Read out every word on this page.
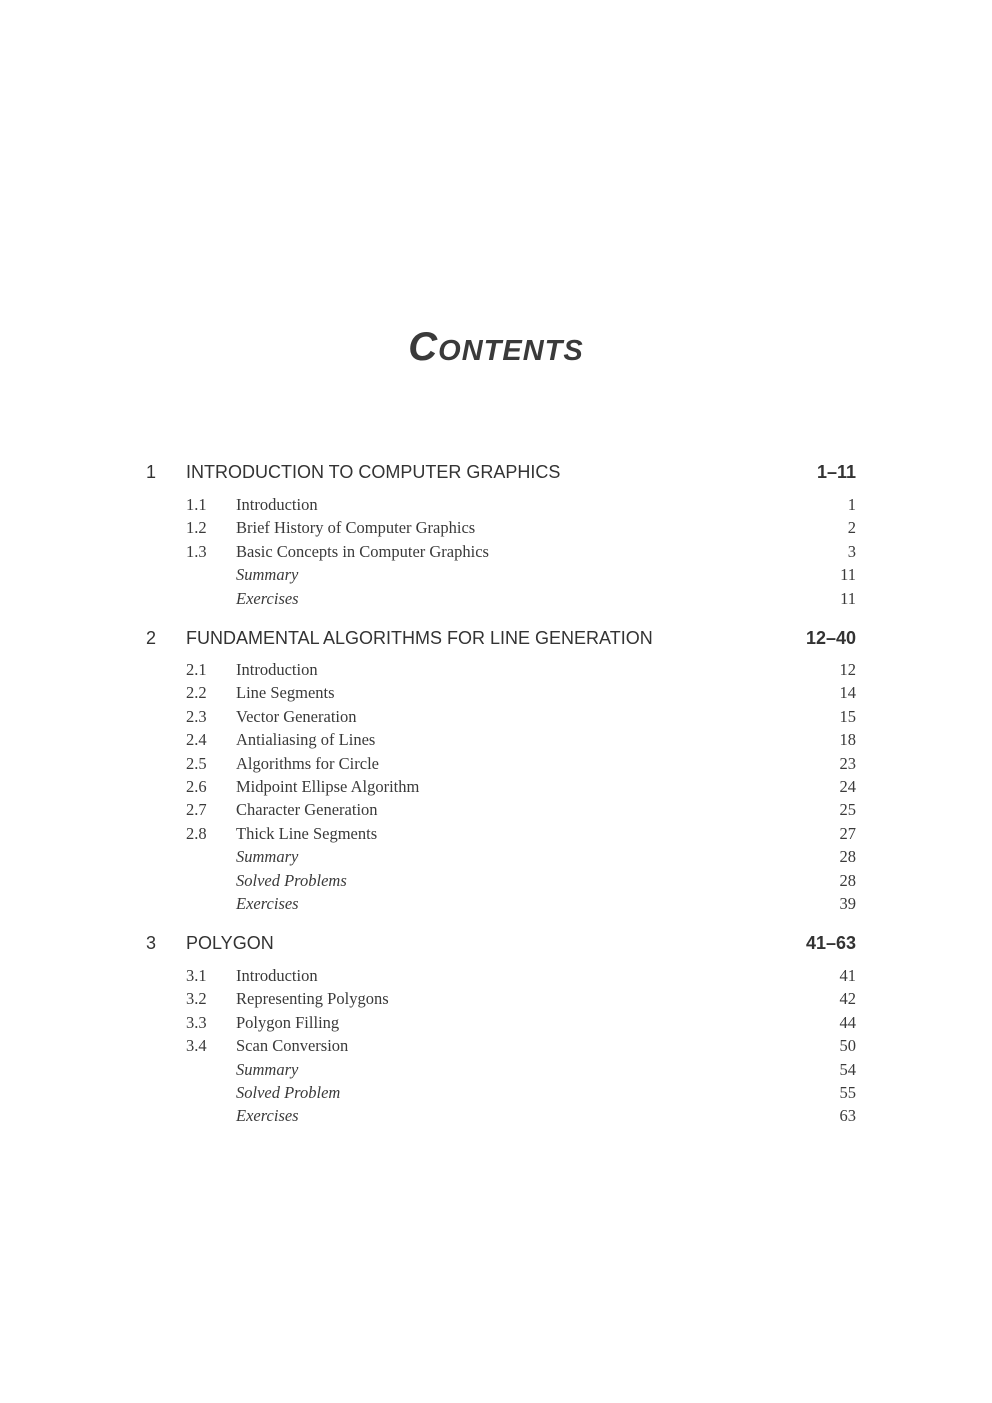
CONTENTS
1 INTRODUCTION TO COMPUTER GRAPHICS	1–11
1.1 Introduction	1
1.2 Brief History of Computer Graphics	2
1.3 Basic Concepts in Computer Graphics	3
Summary	11
Exercises	11
2 FUNDAMENTAL ALGORITHMS FOR LINE GENERATION	12–40
2.1 Introduction	12
2.2 Line Segments	14
2.3 Vector Generation	15
2.4 Antialiasing of Lines	18
2.5 Algorithms for Circle	23
2.6 Midpoint Ellipse Algorithm	24
2.7 Character Generation	25
2.8 Thick Line Segments	27
Summary	28
Solved Problems	28
Exercises	39
3 POLYGON	41–63
3.1 Introduction	41
3.2 Representing Polygons	42
3.3 Polygon Filling	44
3.4 Scan Conversion	50
Summary	54
Solved Problem	55
Exercises	63
